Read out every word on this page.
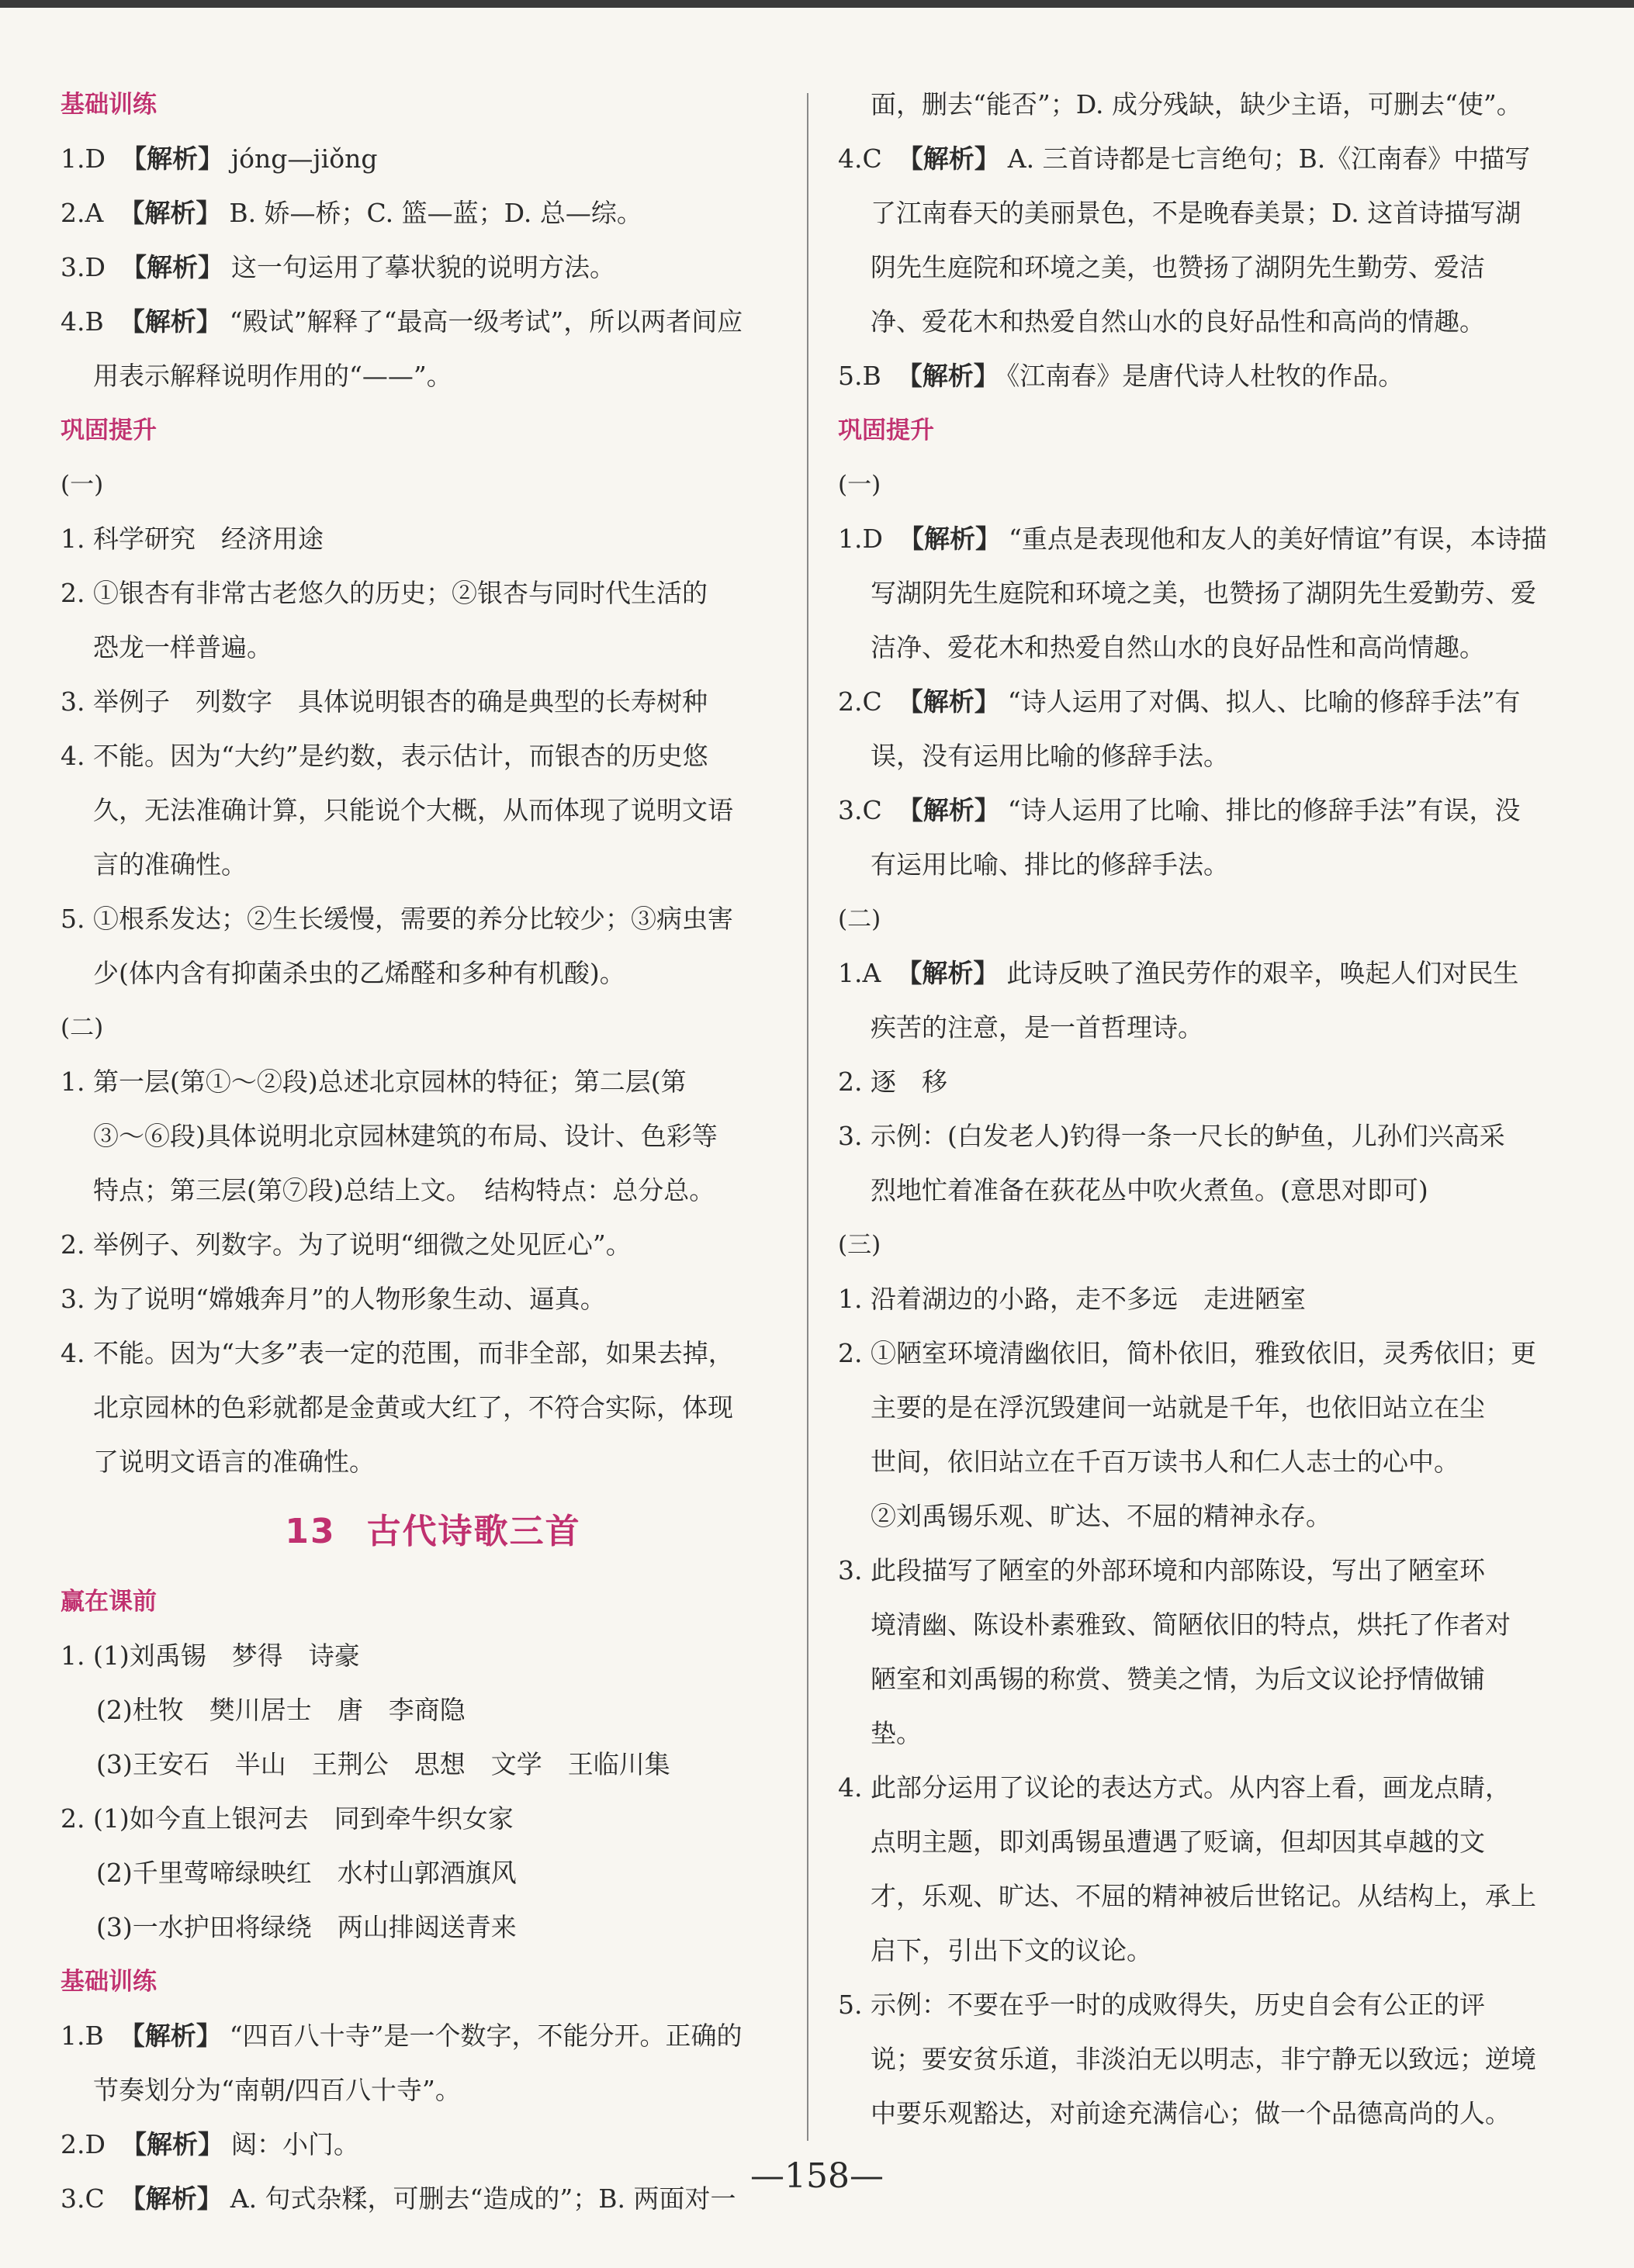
基础训练
1.D 【解析】 jóng—jiǒng
2.A 【解析】 B. 娇—桥；C. 篮—蓝；D. 总—综。
3.D 【解析】 这一句运用了摹状貌的说明方法。
4.B 【解析】 “殿试”解释了“最高一级考试”，所以两者间应
用表示解释说明作用的“——”。
巩固提升
(一)
1. 科学研究　经济用途
2. ①银杏有非常古老悠久的历史；②银杏与同时代生活的
恐龙一样普遍。
3. 举例子　列数字　具体说明银杏的确是典型的长寿树种
4. 不能。因为“大约”是约数，表示估计，而银杏的历史悠
久，无法准确计算，只能说个大概，从而体现了说明文语
言的准确性。
5. ①根系发达；②生长缓慢，需要的养分比较少；③病虫害
少(体内含有抑菌杀虫的乙烯醛和多种有机酸)。
(二)
1. 第一层(第①～②段)总述北京园林的特征；第二层(第
③～⑥段)具体说明北京园林建筑的布局、设计、色彩等
特点；第三层(第⑦段)总结上文。　结构特点：总分总。
2. 举例子、列数字。为了说明“细微之处见匠心”。
3. 为了说明“嫦娥奔月”的人物形象生动、逼真。
4. 不能。因为“大多”表一定的范围，而非全部，如果去掉，
北京园林的色彩就都是金黄或大红了，不符合实际，体现
了说明文语言的准确性。
13 古代诗歌三首
赢在课前
1. (1)刘禹锡　梦得　诗豪
(2)杜牧　樊川居士　唐　李商隐
(3)王安石　半山　王荆公　思想　文学　王临川集
2. (1)如今直上银河去　同到牵牛织女家
(2)千里莺啼绿映红　水村山郭酒旗风
(3)一水护田将绿绕　两山排闼送青来
基础训练
1.B 【解析】 “四百八十寺”是一个数字，不能分开。正确的
节奏划分为“南朝/四百八十寺”。
2.D 【解析】 闼：小门。
3.C 【解析】 A. 句式杂糅，可删去“造成的”；B. 两面对一
面，删去“能否”；D. 成分残缺，缺少主语，可删去“使”。
4.C 【解析】 A. 三首诗都是七言绝句；B.《江南春》中描写
了江南春天的美丽景色，不是晚春美景；D. 这首诗描写湖
阴先生庭院和环境之美，也赞扬了湖阴先生勤劳、爱洁
净、爱花木和热爱自然山水的良好品性和高尚的情趣。
5.B 【解析】 《江南春》是唐代诗人杜牧的作品。
巩固提升
(一)
1.D 【解析】 “重点是表现他和友人的美好情谊”有误，本诗描
写湖阴先生庭院和环境之美，也赞扬了湖阴先生爱勤劳、爱
洁净、爱花木和热爱自然山水的良好品性和高尚情趣。
2.C 【解析】 “诗人运用了对偶、拟人、比喻的修辞手法”有
误，没有运用比喻的修辞手法。
3.C 【解析】 “诗人运用了比喻、排比的修辞手法”有误，没
有运用比喻、排比的修辞手法。
(二)
1.A 【解析】 此诗反映了渔民劳作的艰辛，唤起人们对民生
疾苦的注意，是一首哲理诗。
2. 逐　移
3. 示例：(白发老人)钓得一条一尺长的鲈鱼，儿孙们兴高采
烈地忙着准备在荻花丛中吹火煮鱼。(意思对即可)
(三)
1. 沿着湖边的小路，走不多远　走进陋室
2. ①陋室环境清幽依旧，简朴依旧，雅致依旧，灵秀依旧；更
主要的是在浮沉毁建间一站就是千年，也依旧站立在尘
世间，依旧站立在千百万读书人和仁人志士的心中。
②刘禹锡乐观、旷达、不屈的精神永存。
3. 此段描写了陋室的外部环境和内部陈设，写出了陋室环
境清幽、陈设朴素雅致、简陋依旧的特点，烘托了作者对
陋室和刘禹锡的称赏、赞美之情，为后文议论抒情做铺
垫。
4. 此部分运用了议论的表达方式。从内容上看，画龙点睛，
点明主题，即刘禹锡虽遭遇了贬谪，但却因其卓越的文
才，乐观、旷达、不屈的精神被后世铭记。从结构上，承上
启下，引出下文的议论。
5. 示例：不要在乎一时的成败得失，历史自会有公正的评
说；要安贫乐道，非淡泊无以明志，非宁静无以致远；逆境
中要乐观豁达，对前途充满信心；做一个品德高尚的人。
—158—
